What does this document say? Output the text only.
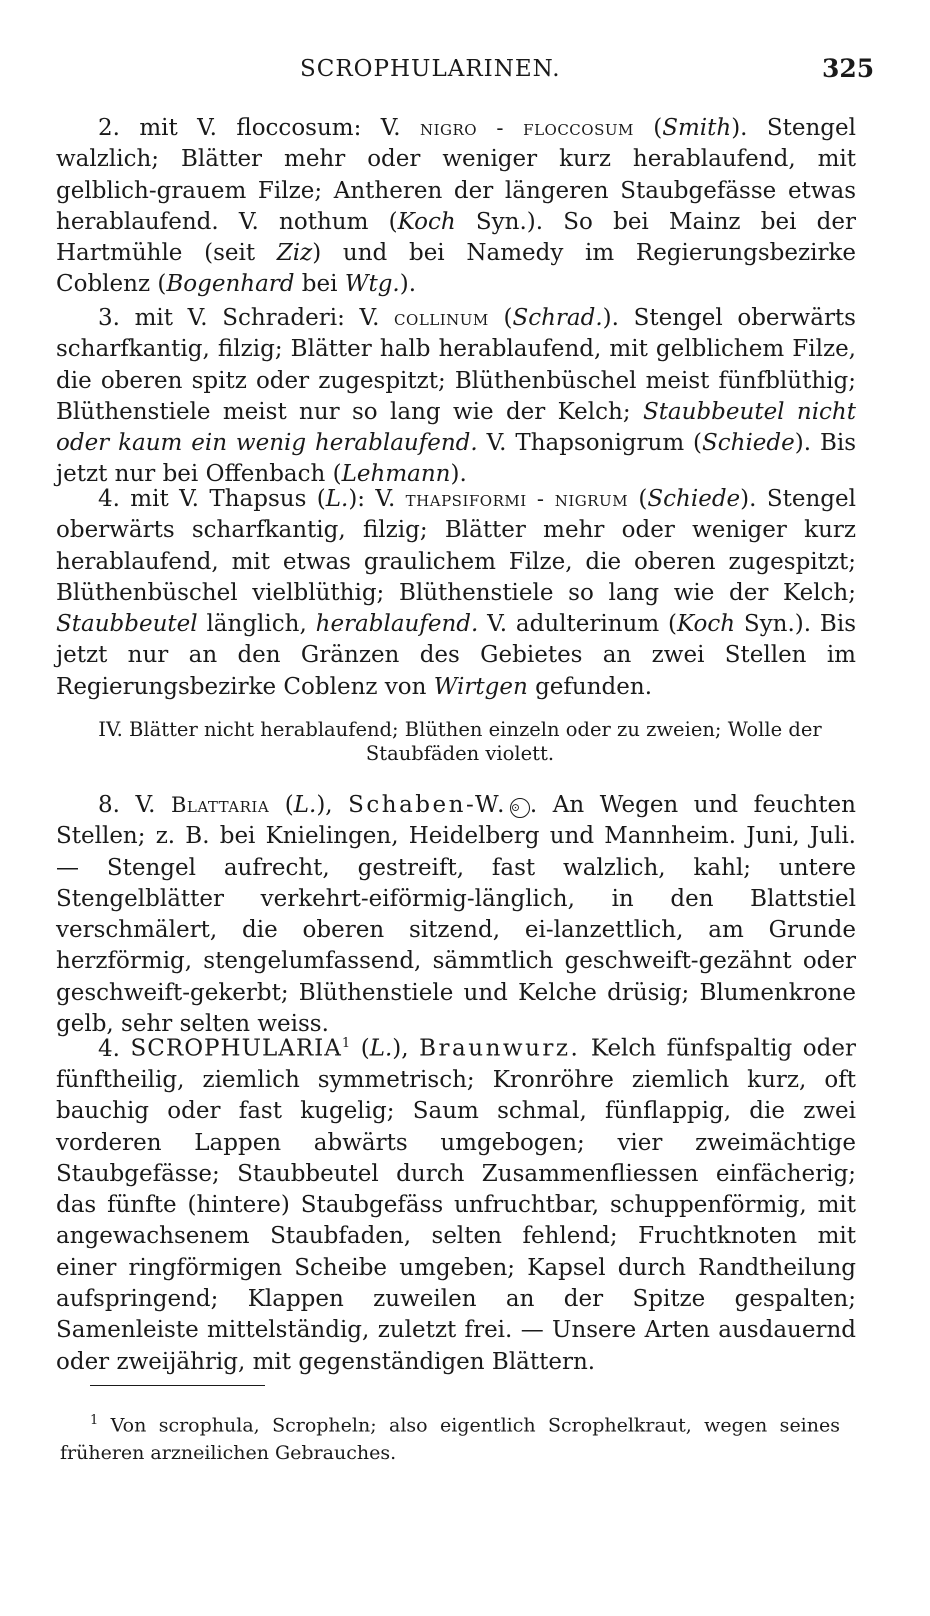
SCROPHULARINEN.	325
2. mit V. floccosum: V. nigro - floccosum (Smith). Stengel walzlich; Blätter mehr oder weniger kurz herablaufend, mit gelblich-grauem Filze; Antheren der längeren Staubgefässe etwas herablaufend. V. nothum (Koch Syn.). So bei Mainz bei der Hartmühle (seit Ziz) und bei Namedy im Regierungsbezirke Coblenz (Bogenhard bei Wtg.).
3. mit V. Schraderi: V. collinum (Schrad.). Stengel oberwärts scharfkantig, filzig; Blätter halb herablaufend, mit gelblichem Filze, die oberen spitz oder zugespitzt; Blüthenbüschel meist fünfblüthig; Blüthenstiele meist nur so lang wie der Kelch; Staubbeutel nicht oder kaum ein wenig herablaufend. V. Thapsonigrum (Schiede). Bis jetzt nur bei Offenbach (Lehmann).
4. mit V. Thapsus (L.): V. thapsiformi - nigrum (Schiede). Stengel oberwärts scharfkantig, filzig; Blätter mehr oder weniger kurz herablaufend, mit etwas graulichem Filze, die oberen zugespitzt; Blüthenbüschel vielblüthig; Blüthenstiele so lang wie der Kelch; Staubbeutel länglich, herablaufend. V. adulterinum (Koch Syn.). Bis jetzt nur an den Gränzen des Gebietes an zwei Stellen im Regierungsbezirke Coblenz von Wirtgen gefunden.
IV. Blätter nicht herablaufend; Blüthen einzeln oder zu zweien; Wolle der Staubfäden violett.
8. V. Blattaria (L.), Schaben-W. ⊙ . An Wegen und feuchten Stellen; z. B. bei Knielingen, Heidelberg und Mannheim. Juni, Juli. — Stengel aufrecht, gestreift, fast walzlich, kahl; untere Stengelblätter verkehrt-eiförmig-länglich, in den Blattstiel verschmälert, die oberen sitzend, ei-lanzettlich, am Grunde herzförmig, stengelumfassend, sämmtlich geschweift-gezähnt oder geschweift-gekerbt; Blüthenstiele und Kelche drüsig; Blumenkrone gelb, sehr selten weiss.
4. SCROPHULARIA$^1$ (L.), Braunwurz. Kelch fünfspaltig oder fünftheilig, ziemlich symmetrisch; Kronröhre ziemlich kurz, oft bauchig oder fast kugelig; Saum schmal, fünflappig, die zwei vorderen Lappen abwärts umgebogen; vier zweimächtige Staubgefässe; Staubbeutel durch Zusammenfliessen einfächerig; das fünfte (hintere) Staubgefäss unfruchtbar, schuppenförmig, mit angewachsenem Staubfaden, selten fehlend; Fruchtknoten mit einer ringförmigen Scheibe umgeben; Kapsel durch Randtheilung aufspringend; Klappen zuweilen an der Spitze gespalten; Samenleiste mittelständig, zuletzt frei. — Unsere Arten ausdauernd oder zweijährig, mit gegenständigen Blättern.
$^1$ Von scrophula, Scropheln; also eigentlich Scrophelkraut, wegen seines früheren arzneilichen Gebrauches.
